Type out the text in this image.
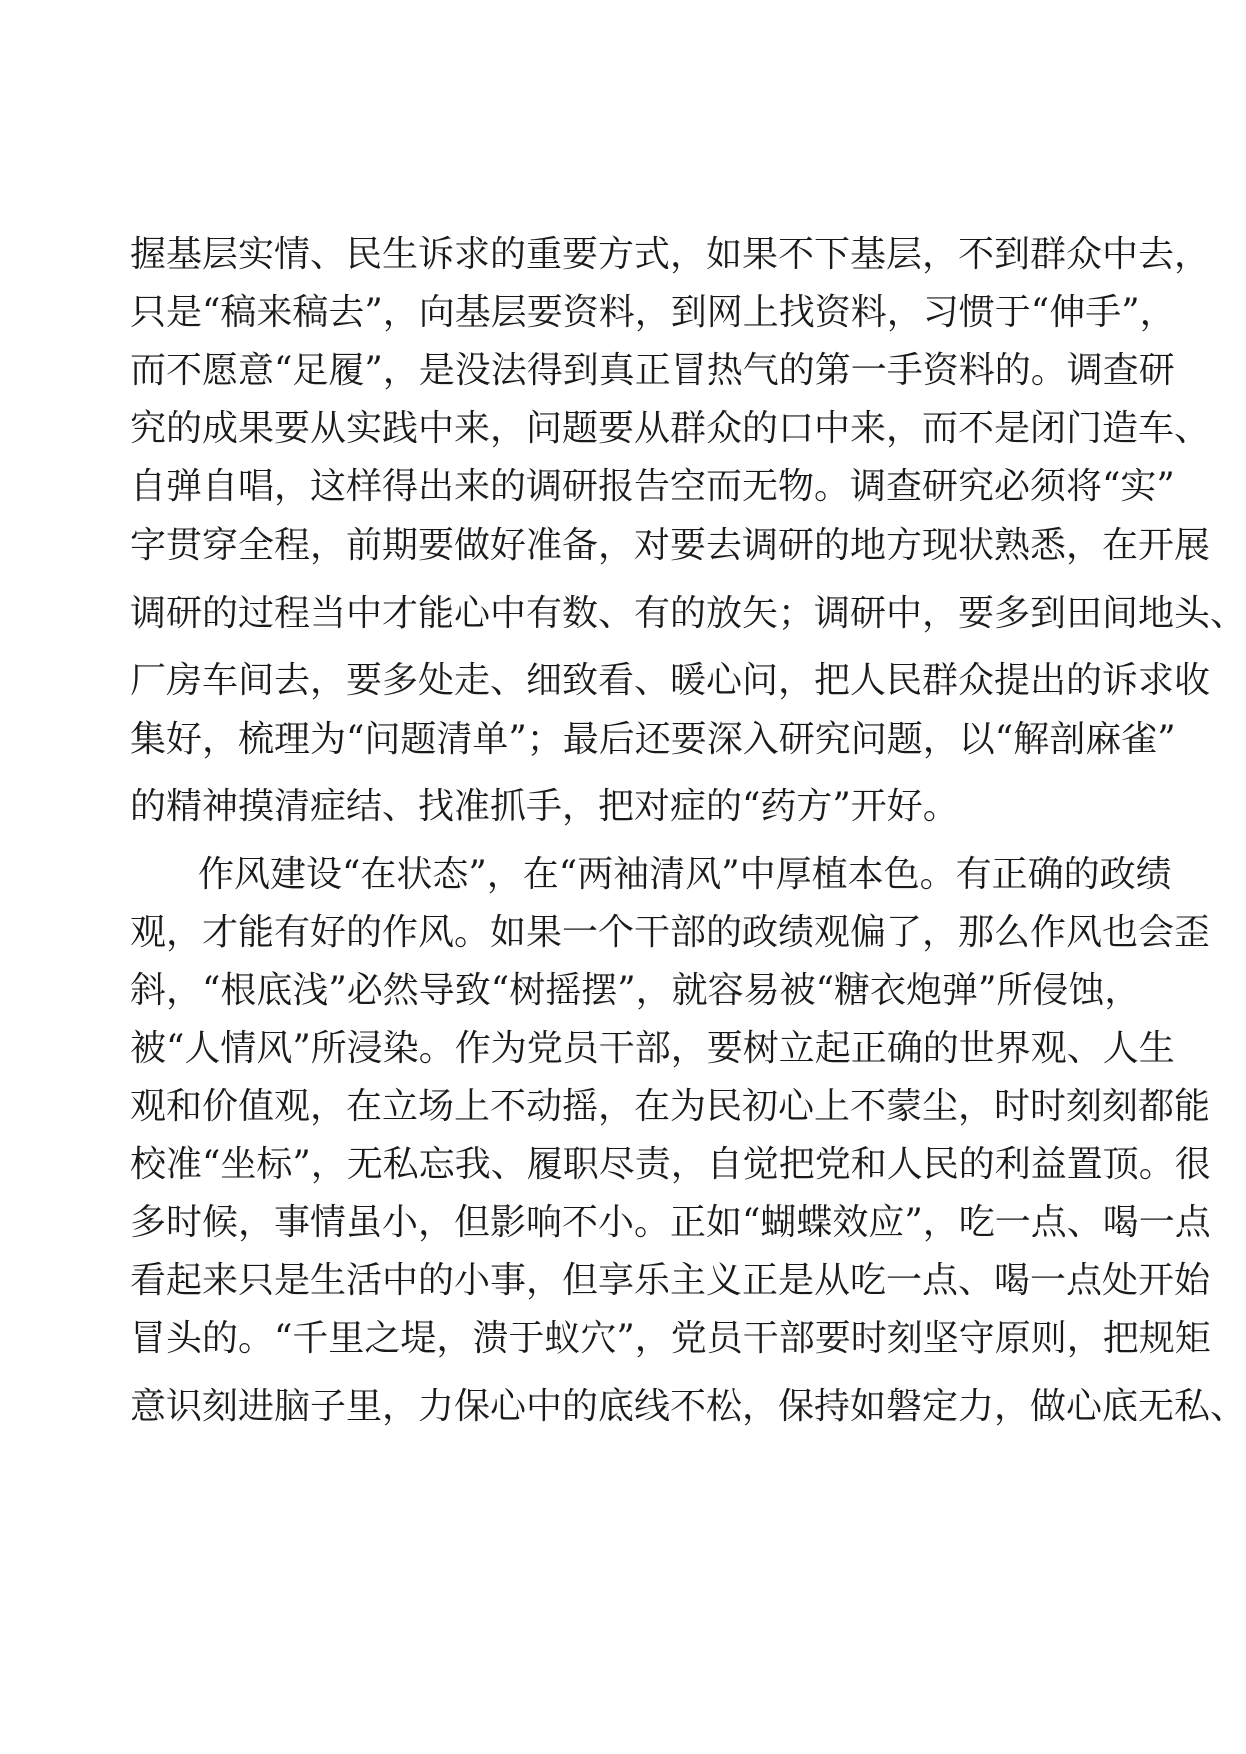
握基层实情、民生诉求的重要方式，如果不下基层，不到群众中去，
只是“稿来稿去”，向基层要资料，到网上找资料，习惯于“伸手”，
而不愿意“足履”，是没法得到真正冒热气的第一手资料的。调查研
究的成果要从实践中来，问题要从群众的口中来，而不是闭门造车、
自弹自唱，这样得出来的调研报告空而无物。调查研究必须将“实”
字贯穿全程，前期要做好准备，对要去调研的地方现状熟悉，在开展
调研的过程当中才能心中有数、有的放矢；调研中，要多到田间地头、
厂房车间去，要多处走、细致看、暖心问，把人民群众提出的诉求收
集好，梳理为“问题清单”；最后还要深入研究问题，以“解剖麻雀”
的精神摸清症结、找准抓手，把对症的“药方”开好。
作风建设“在状态”，在“两袖清风”中厚植本色。有正确的政绩
观，才能有好的作风。如果一个干部的政绩观偏了，那么作风也会歪
斜，“根底浅”必然导致“树摇摆”，就容易被“糖衣炮弹”所侵蚀，
被“人情风”所浸染。作为党员干部，要树立起正确的世界观、人生
观和价值观，在立场上不动摇，在为民初心上不蒙尘，时时刻刻都能
校准“坐标”，无私忘我、履职尽责，自觉把党和人民的利益置顶。很
多时候，事情虽小，但影响不小。正如“蝴蝶效应”，吃一点、喝一点
看起来只是生活中的小事，但享乐主义正是从吃一点、喝一点处开始
冒头的。“千里之堤，溃于蚁穴”，党员干部要时刻坚守原则，把规矩
意识刻进脑子里，力保心中的底线不松，保持如磐定力，做心底无私、
